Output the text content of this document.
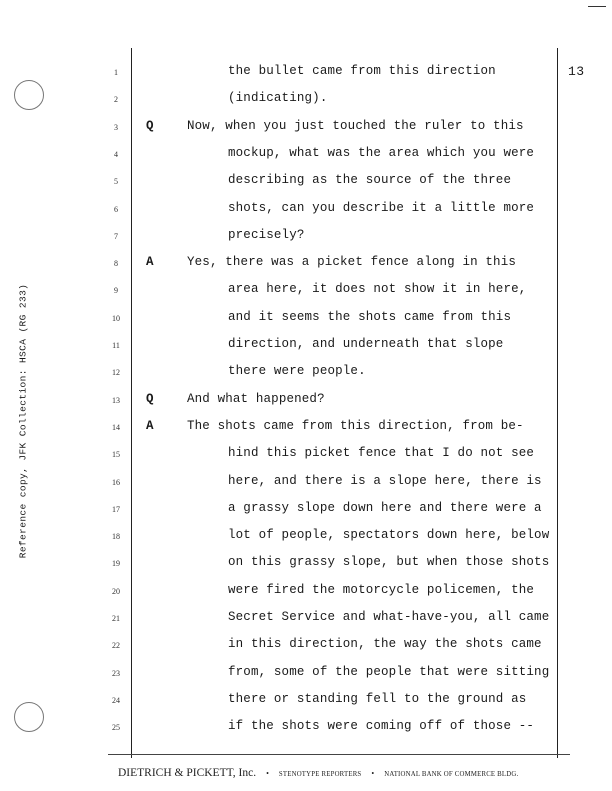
13
Reference copy, JFK Collection: HSCA (RG 233)
1	the bullet came from this direction
2	(indicating).
3	Q	Now, when you just touched the ruler to this
4	mockup, what was the area which you were
5	describing as the source of the three
6	shots, can you describe it a little more
7	precisely?
8	A	Yes, there was a picket fence along in this
9	area here, it does not show it in here,
10	and it seems the shots came from this
11	direction, and underneath that slope
12	there were people.
13	Q	And what happened?
14	A	The shots came from this direction, from be-
15	hind this picket fence that I do not see
16	here, and there is a slope here, there is
17	a grassy slope down here and there were a
18	lot of people, spectators down here, below
19	on this grassy slope, but when those shots
20	were fired the motorcycle policemen, the
21	Secret Service and what-have-you, all came
22	in this direction, the way the shots came
23	from, some of the people that were sitting
24	there or standing fell to the ground as
25	if the shots were coming off of those --
DIETRICH & PICKETT, Inc. • STENOTYPE REPORTERS • NATIONAL BANK OF COMMERCE BLDG.
